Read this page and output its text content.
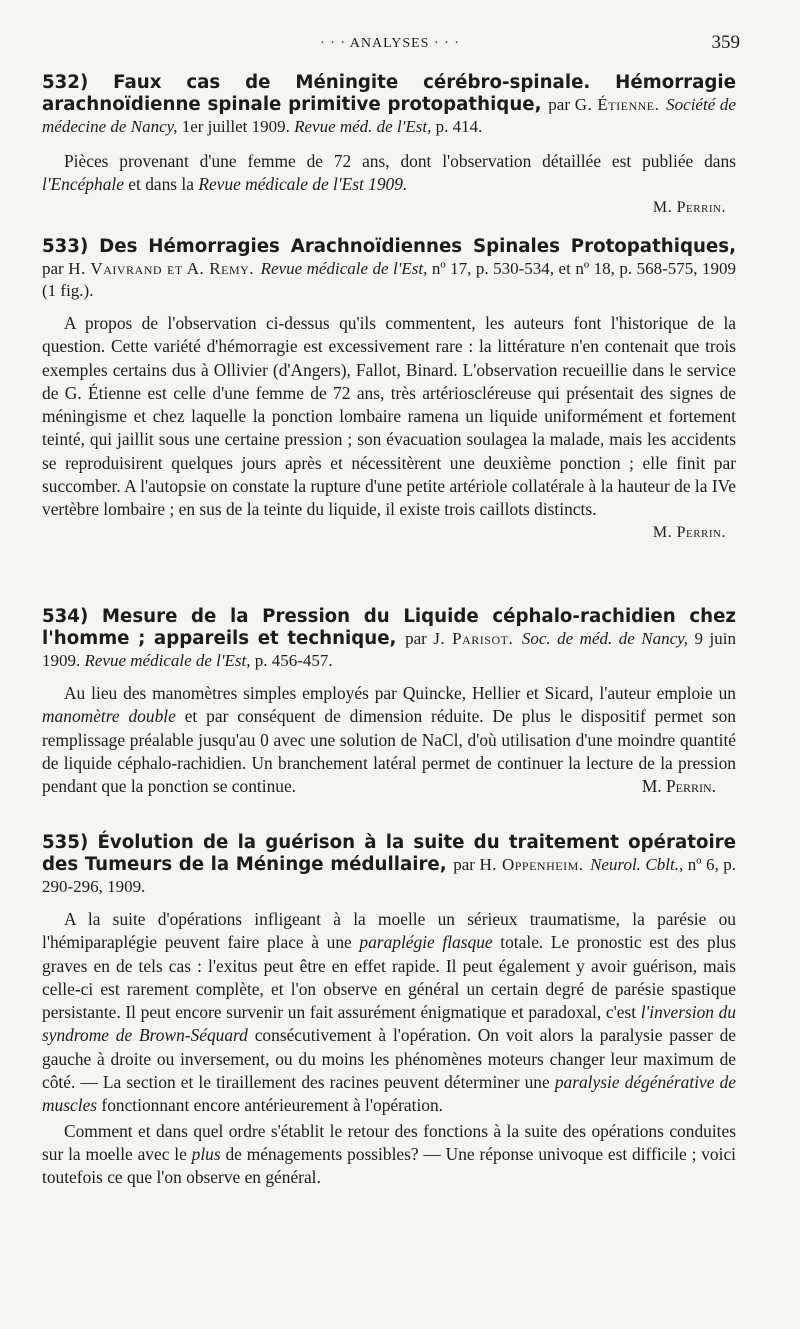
· · · ANALYSES · · ·	359

532) Faux cas de Méningite cérébro-spinale. Hémorragie arachnoïdienne spinale primitive protopathique, par G. Étienne. Société de médecine de Nancy, 1er juillet 1909. Revue méd. de l'Est, p. 414.

Pièces provenant d'une femme de 72 ans, dont l'observation détaillée est publiée dans l'Encéphale et dans la Revue médicale de l'Est 1909.

M. Perrin.

533) Des Hémorragies Arachnoïdiennes Spinales Protopathiques, par H. Vaivrand et A. Remy. Revue médicale de l'Est, nº 17, p. 530-534, et nº 18, p. 568-575, 1909 (1 fig.).

A propos de l'observation ci-dessus qu'ils commentent, les auteurs font l'historique de la question. Cette variété d'hémorragie est excessivement rare : la littérature n'en contenait que trois exemples certains dus à Ollivier (d'Angers), Fallot, Binard. L'observation recueillie dans le service de G. Étienne est celle d'une femme de 72 ans, très artérioscléreuse qui présentait des signes de méningisme et chez laquelle la ponction lombaire ramena un liquide uniformément et fortement teinté, qui jaillit sous une certaine pression ; son évacuation soulagea la malade, mais les accidents se reproduisirent quelques jours après et nécessitèrent une deuxième ponction ; elle finit par succomber. A l'autopsie on constate la rupture d'une petite artériole collatérale à la hauteur de la IVe vertèbre lombaire ; en sus de la teinte du liquide, il existe trois caillots distincts.

M. Perrin.

534) Mesure de la Pression du Liquide céphalo-rachidien chez l'homme ; appareils et technique, par J. Parisot. Soc. de méd. de Nancy, 9 juin 1909. Revue médicale de l'Est, p. 456-457.

Au lieu des manomètres simples employés par Quincke, Hellier et Sicard, l'auteur emploie un manomètre double et par conséquent de dimension réduite. De plus le dispositif permet son remplissage préalable jusqu'au 0 avec une solution de NaCl, d'où utilisation d'une moindre quantité de liquide céphalo-rachidien. Un branchement latéral permet de continuer la lecture de la pression pendant que la ponction se continue.	M. Perrin.

535) Évolution de la guérison à la suite du traitement opératoire des Tumeurs de la Méninge médullaire, par H. Oppenheim. Neurol. Cblt., nº 6, p. 290-296, 1909.

A la suite d'opérations infligeant à la moelle un sérieux traumatisme, la parésie ou l'hémiparaplégie peuvent faire place à une paraplégie flasque totale. Le pronostic est des plus graves en de tels cas : l'exitus peut être en effet rapide. Il peut également y avoir guérison, mais celle-ci est rarement complète, et l'on observe en général un certain degré de parésie spastique persistante. Il peut encore survenir un fait assurément énigmatique et paradoxal, c'est l'inversion du syndrome de Brown-Séquard consécutivement à l'opération. On voit alors la paralysie passer de gauche à droite ou inversement, ou du moins les phénomènes moteurs changer leur maximum de côté. — La section et le tiraillement des racines peuvent déterminer une paralysie dégénérative de muscles fonctionnant encore antérieurement à l'opération.

Comment et dans quel ordre s'établit le retour des fonctions à la suite des opérations conduites sur la moelle avec le plus de ménagements possibles? — Une réponse univoque est difficile ; voici toutefois ce que l'on observe en général.
